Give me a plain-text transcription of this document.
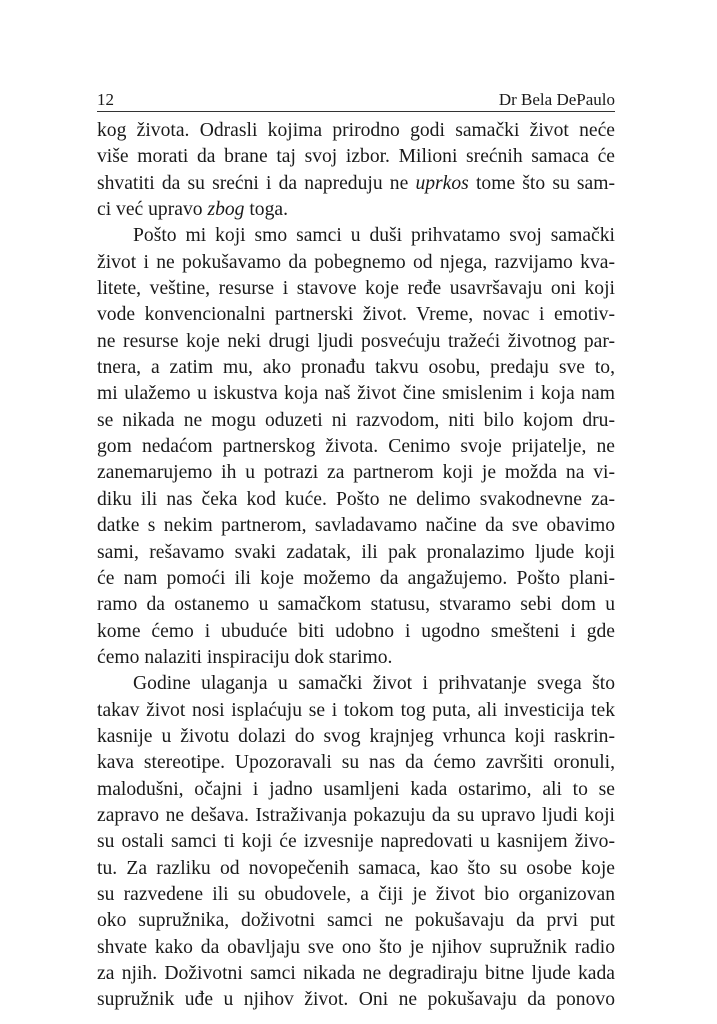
12	Dr Bela DePaulo
kog života. Odrasli kojima prirodno godi samački život neće
više morati da brane taj svoj izbor. Milioni srećnih samaca će
shvatiti da su srećni i da napreduju ne uprkos tome što su sam-
ci već upravo zbog toga.
Pošto mi koji smo samci u duši prihvatamo svoj samački
život i ne pokušavamo da pobegnemo od njega, razvijamo kva-
litete, veštine, resurse i stavove koje ređe usavršavaju oni koji
vode konvencionalni partnerski život. Vreme, novac i emotiv-
ne resurse koje neki drugi ljudi posvećuju tražeći životnog par-
tnera, a zatim mu, ako pronađu takvu osobu, predaju sve to,
mi ulažemo u iskustva koja naš život čine smislenim i koja nam
se nikada ne mogu oduzeti ni razvodom, niti bilo kojom dru-
gom nedaćom partnerskog života. Cenimo svoje prijatelje, ne
zanemarujemo ih u potrazi za partnerom koji je možda na vi-
diku ili nas čeka kod kuće. Pošto ne delimo svakodnevne za-
datke s nekim partnerom, savladavamo načine da sve obavimo
sami, rešavamo svaki zadatak, ili pak pronalazimo ljude koji
će nam pomoći ili koje možemo da angažujemo. Pošto plani-
ramo da ostanemo u samačkom statusu, stvaramo sebi dom u
kome ćemo i ubuduće biti udobno i ugodno smešteni i gde
ćemo nalaziti inspiraciju dok starimo.
Godine ulaganja u samački život i prihvatanje svega što
takav život nosi isplaćuju se i tokom tog puta, ali investicija tek
kasnije u životu dolazi do svog krajnjeg vrhunca koji raskrin-
kava stereotipe. Upozoravali su nas da ćemo završiti oronuli,
malodušni, očajni i jadno usamljeni kada ostarimo, ali to se
zapravo ne dešava. Istraživanja pokazuju da su upravo ljudi koji
su ostali samci ti koji će izvesnije napredovati u kasnijem živo-
tu. Za razliku od novopečenih samaca, kao što su osobe koje
su razvedene ili su obudovele, a čiji je život bio organizovan
oko supružnika, doživotni samci ne pokušavaju da prvi put
shvate kako da obavljaju sve ono što je njihov supružnik radio
za njih. Doživotni samci nikada ne degradiraju bitne ljude kada
supružnik uđe u njihov život. Oni ne pokušavaju da ponovo
